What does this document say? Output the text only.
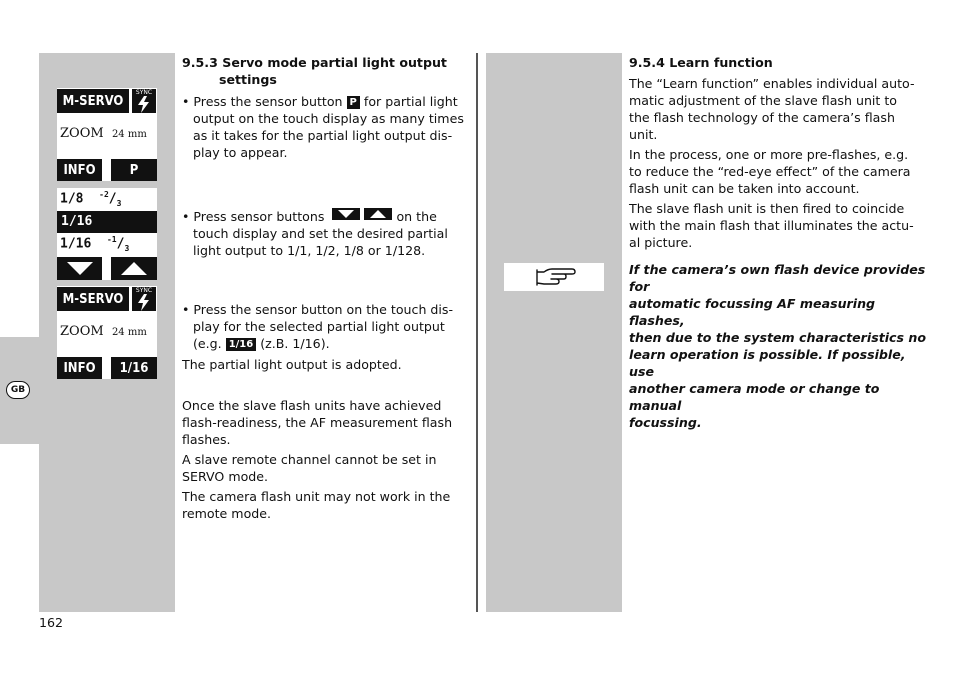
GB
M-SERVO
SYNC
ZOOM 24 mm
INFO	P
1/8 $^{-2}/_3$
1/16
1/16 $^{-1}/_3$
M-SERVO
SYNC
ZOOM 24 mm
INFO	1/16
9.5.3 Servo mode partial light output
settings
• Press the sensor button P for partial light
output on the touch display as many times
as it takes for the partial light output dis-
play to appear.
• Press sensor buttons	on the
touch display and set the desired partial
light output to 1/1, 1/2, 1/8 or 1/128.
• Press the sensor button on the touch dis-
play for the selected partial light output
(e.g. 1/16 (z.B. 1/16).
The partial light output is adopted.
Once the slave flash units have achieved
flash-readiness, the AF measurement flash
flashes.
A slave remote channel cannot be set in
SERVO mode.
The camera flash unit may not work in the
remote mode.
9.5.4 Learn function
The “Learn function” enables individual auto-
matic adjustment of the slave flash unit to
the flash technology of the camera’s flash
unit.
In the process, one or more pre-flashes, e.g.
to reduce the “red-eye effect” of the camera
flash unit can be taken into account.
The slave flash unit is then fired to coincide
with the main flash that illuminates the actu-
al picture.
If the camera’s own flash device provides for
automatic focussing AF measuring flashes,
then due to the system characteristics no
learn operation is possible. If possible, use
another camera mode or change to manual
focussing.
162
